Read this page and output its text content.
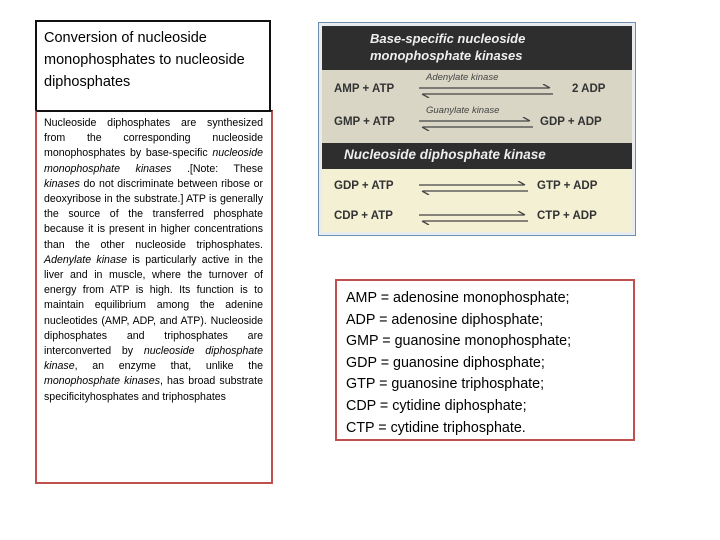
Conversion of nucleoside monophosphates to nucleoside diphosphates
Nucleoside diphosphates are synthesized from the corresponding nucleoside monophosphates by base-specific nucleoside monophosphate kinases .[Note: These kinases do not discriminate between ribose or deoxyribose in the substrate.] ATP is generally the source of the transferred phosphate because it is present in higher concentrations than the other nucleoside triphosphates. Adenylate kinase is particularly active in the liver and in muscle, where the turnover of energy from ATP is high. Its function is to maintain equilibrium among the adenine nucleotides (AMP, ADP, and ATP). Nucleoside diphosphates and triphosphates are interconverted by nucleoside diphosphate kinase, an enzyme that, unlike the monophosphate kinases, has broad substrate specificityhosphates and triphosphates
Base-specific nucleoside
monophosphate kinases
Nucleoside diphosphate kinase
AMP + ATP
Adenylate kinase
2 ADP
GMP + ATP
Guanylate kinase
GDP + ADP
GDP + ATP	GTP + ADP
CDP + ATP	CTP + ADP
AMP = adenosine monophosphate;
ADP = adenosine diphosphate;
GMP = guanosine monophosphate;
GDP = guanosine diphosphate;
GTP = guanosine triphosphate;
CDP = cytidine diphosphate;
CTP = cytidine triphosphate.
